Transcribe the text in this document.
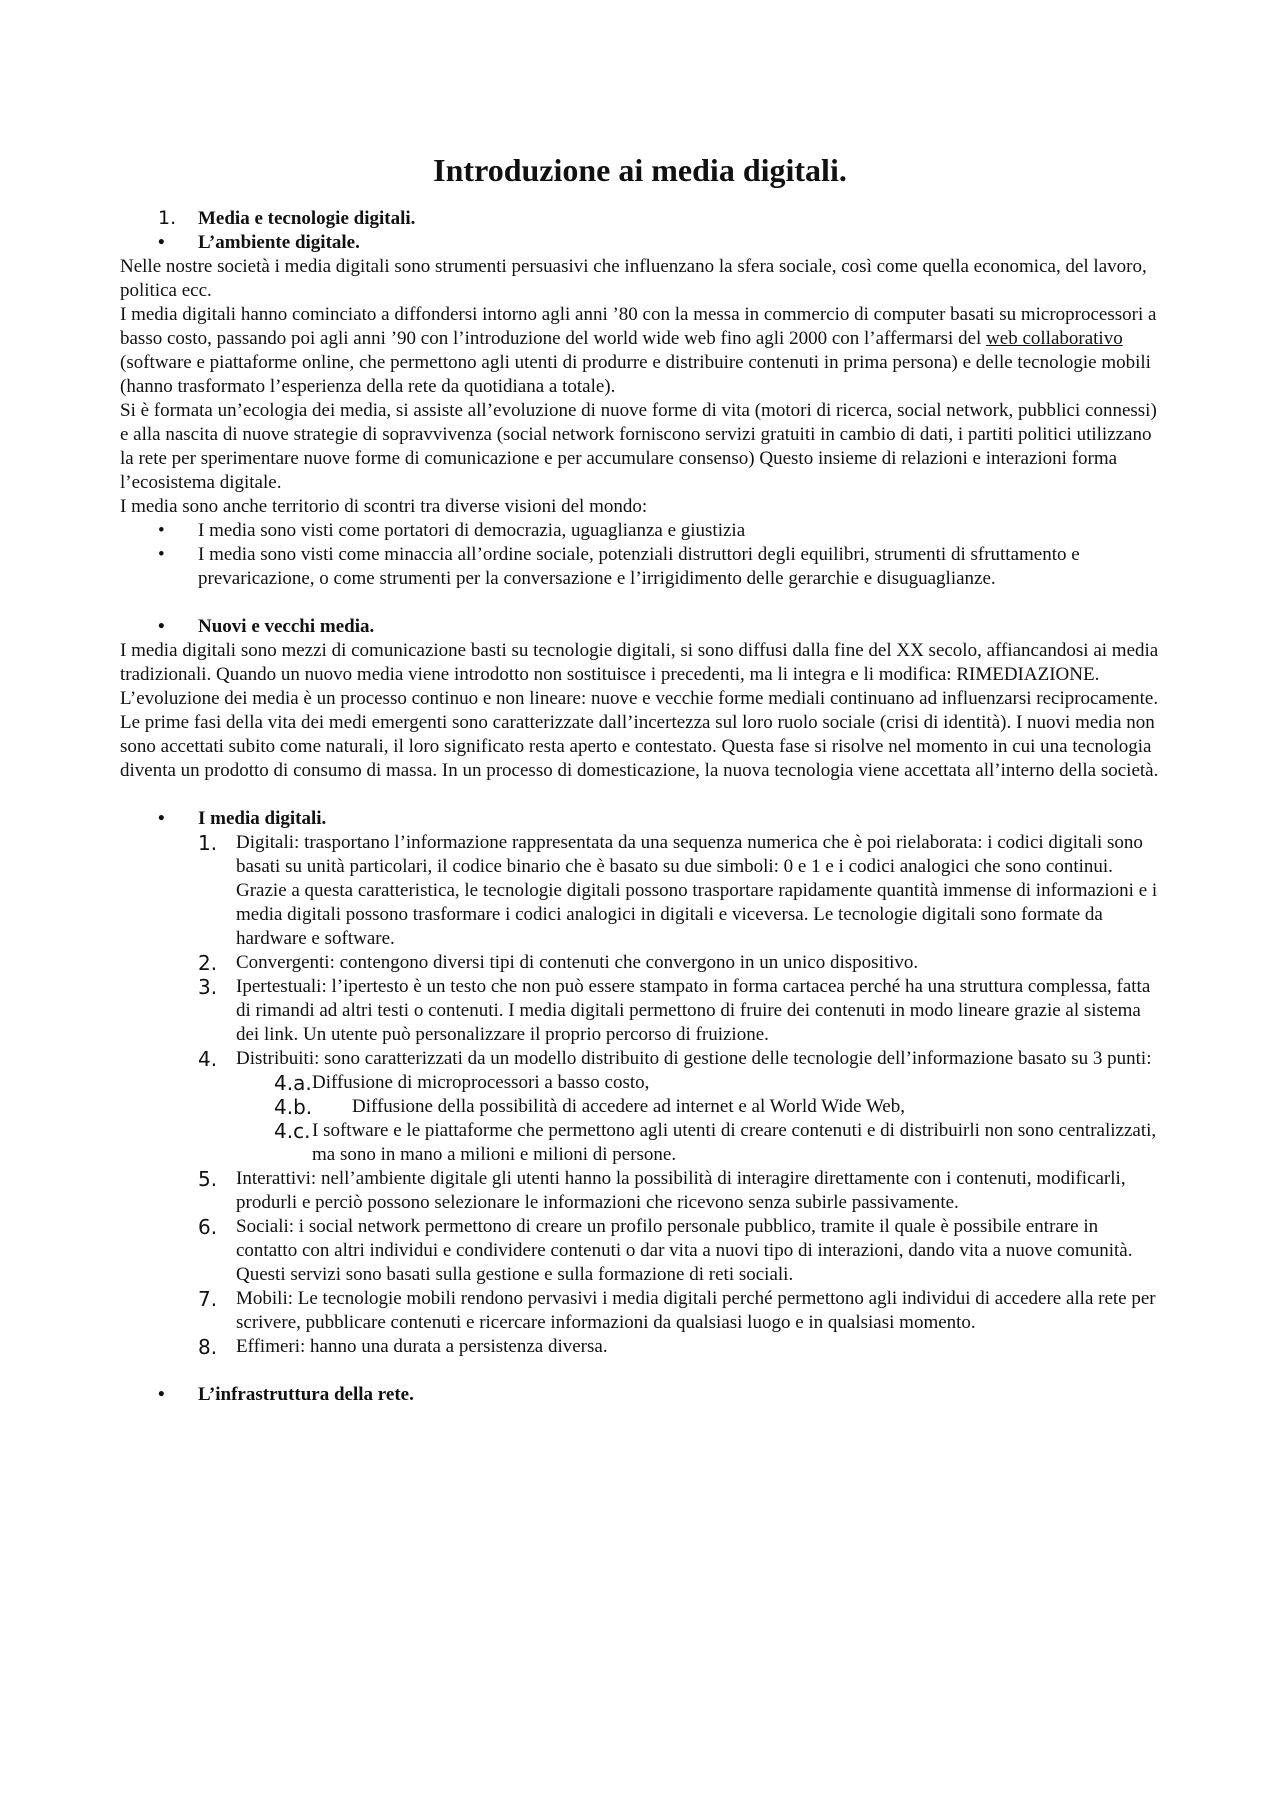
Introduzione ai media digitali.
1.	Media e tecnologie digitali.
•	L’ambiente digitale.

Nelle nostre società i media digitali sono strumenti persuasivi che influenzano la sfera sociale, così come quella economica, del lavoro, politica ecc.

I media digitali hanno cominciato a diffondersi intorno agli anni ’80 con la messa in commercio di computer basati su microprocessori a basso costo, passando poi agli anni ’90 con l’introduzione del world wide web fino agli 2000 con l’affermarsi del web collaborativo (software e piattaforme online, che permettono agli utenti di produrre e distribuire contenuti in prima persona) e delle tecnologie mobili (hanno trasformato l’esperienza della rete da quotidiana a totale).

Si è formata un’ecologia dei media, si assiste all’evoluzione di nuove forme di vita (motori di ricerca, social network, pubblici connessi) e alla nascita di nuove strategie di sopravvivenza (social network forniscono servizi gratuiti in cambio di dati, i partiti politici utilizzano la rete per sperimentare nuove forme di comunicazione e per accumulare consenso) Questo insieme di relazioni e interazioni forma l’ecosistema digitale.

I media sono anche territorio di scontri tra diverse visioni del mondo:

•	I media sono visti come portatori di democrazia, uguaglianza e giustizia
•	I media sono visti come minaccia all’ordine sociale, potenziali distruttori degli equilibri, strumenti di sfruttamento e prevaricazione, o come strumenti per la conversazione e l’irrigidimento delle gerarchie e disuguaglianze.
•	Nuovi e vecchi media.

I media digitali sono mezzi di comunicazione basti su tecnologie digitali, si sono diffusi dalla fine del XX secolo, affiancandosi ai media tradizionali. Quando un nuovo media viene introdotto non sostituisce i precedenti, ma li integra e li modifica: RIMEDIAZIONE.

L’evoluzione dei media è un processo continuo e non lineare: nuove e vecchie forme mediali continuano ad influenzarsi reciprocamente.

Le prime fasi della vita dei medi emergenti sono caratterizzate dall’incertezza sul loro ruolo sociale (crisi di identità). I nuovi media non sono accettati subito come naturali, il loro significato resta aperto e contestato. Questa fase si risolve nel momento in cui una tecnologia diventa un prodotto di consumo di massa. In un processo di domesticazione, la nuova tecnologia viene accettata all’interno della società.

•	I media digitali.
1. Digitali: trasportano l’informazione rappresentata da una sequenza numerica che è poi rielaborata: i codici digitali sono basati su unità particolari, il codice binario che è basato su due simboli: 0 e 1 e i codici analogici che sono continui. Grazie a questa caratteristica, le tecnologie digitali possono trasportare rapidamente quantità immense di informazioni e i media digitali possono trasformare i codici analogici in digitali e viceversa. Le tecnologie digitali sono formate da hardware e software.
2. Convergenti: contengono diversi tipi di contenuti che convergono in un unico dispositivo.
3. Ipertestuali: l’ipertesto è un testo che non può essere stampato in forma cartacea perché ha una struttura complessa, fatta di rimandi ad altri testi o contenuti. I media digitali permettono di fruire dei contenuti in modo lineare grazie al sistema dei link. Un utente può personalizzare il proprio percorso di fruizione.
4. Distribuiti: sono caratterizzati da un modello distribuito di gestione delle tecnologie dell’informazione basato su 3 punti:
4.a. Diffusione di microprocessori a basso costo,
4.b.	Diffusione della possibilità di accedere ad internet e al World Wide Web,
4.c. I software e le piattaforme che permettono agli utenti di creare contenuti e di distribuirli non sono centralizzati, ma sono in mano a milioni e milioni di persone.
5. Interattivi: nell’ambiente digitale gli utenti hanno la possibilità di interagire direttamente con i contenuti, modificarli, produrli e perciò possono selezionare le informazioni che ricevono senza subirle passivamente.
6. Sociali: i social network permettono di creare un profilo personale pubblico, tramite il quale è possibile entrare in contatto con altri individui e condividere contenuti o dar vita a nuovi tipo di interazioni, dando vita a nuove comunità. Questi servizi sono basati sulla gestione e sulla formazione di reti sociali.
7. Mobili: Le tecnologie mobili rendono pervasivi i media digitali perché permettono agli individui di accedere alla rete per scrivere, pubblicare contenuti e ricercare informazioni da qualsiasi luogo e in qualsiasi momento.
8. Effimeri: hanno una durata a persistenza diversa.
•	L’infrastruttura della rete.
